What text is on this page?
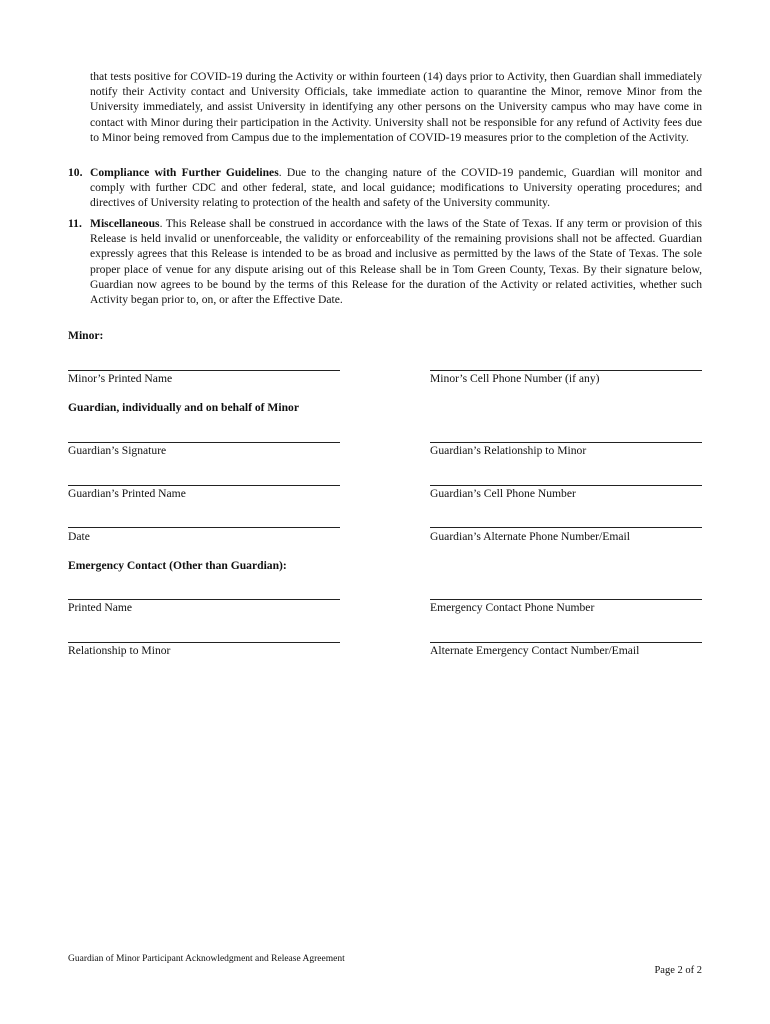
that tests positive for COVID-19 during the Activity or within fourteen (14) days prior to Activity, then Guardian shall immediately notify their Activity contact and University Officials, take immediate action to quarantine the Minor, remove Minor from the University immediately, and assist University in identifying any other persons on the University campus who may have come in contact with Minor during their participation in the Activity. University shall not be responsible for any refund of Activity fees due to Minor being removed from Campus due to the implementation of COVID-19 measures prior to the completion of the Activity.
10. Compliance with Further Guidelines. Due to the changing nature of the COVID-19 pandemic, Guardian will monitor and comply with further CDC and other federal, state, and local guidance; modifications to University operating procedures; and directives of University relating to protection of the health and safety of the University community.
11. Miscellaneous. This Release shall be construed in accordance with the laws of the State of Texas. If any term or provision of this Release is held invalid or unenforceable, the validity or enforceability of the remaining provisions shall not be affected. Guardian expressly agrees that this Release is intended to be as broad and inclusive as permitted by the laws of the State of Texas. The sole proper place of venue for any dispute arising out of this Release shall be in Tom Green County, Texas. By their signature below, Guardian now agrees to be bound by the terms of this Release for the duration of the Activity or related activities, whether such Activity began prior to, on, or after the Effective Date.
Minor:
Minor’s Printed Name	Minor’s Cell Phone Number (if any)
Guardian, individually and on behalf of Minor
Guardian’s Signature	Guardian’s Relationship to Minor
Guardian’s Printed Name	Guardian’s Cell Phone Number
Date	Guardian’s Alternate Phone Number/Email
Emergency Contact (Other than Guardian):
Printed Name	Emergency Contact Phone Number
Relationship to Minor	Alternate Emergency Contact Number/Email
Guardian of Minor Participant Acknowledgment and Release Agreement
Page 2 of 2
